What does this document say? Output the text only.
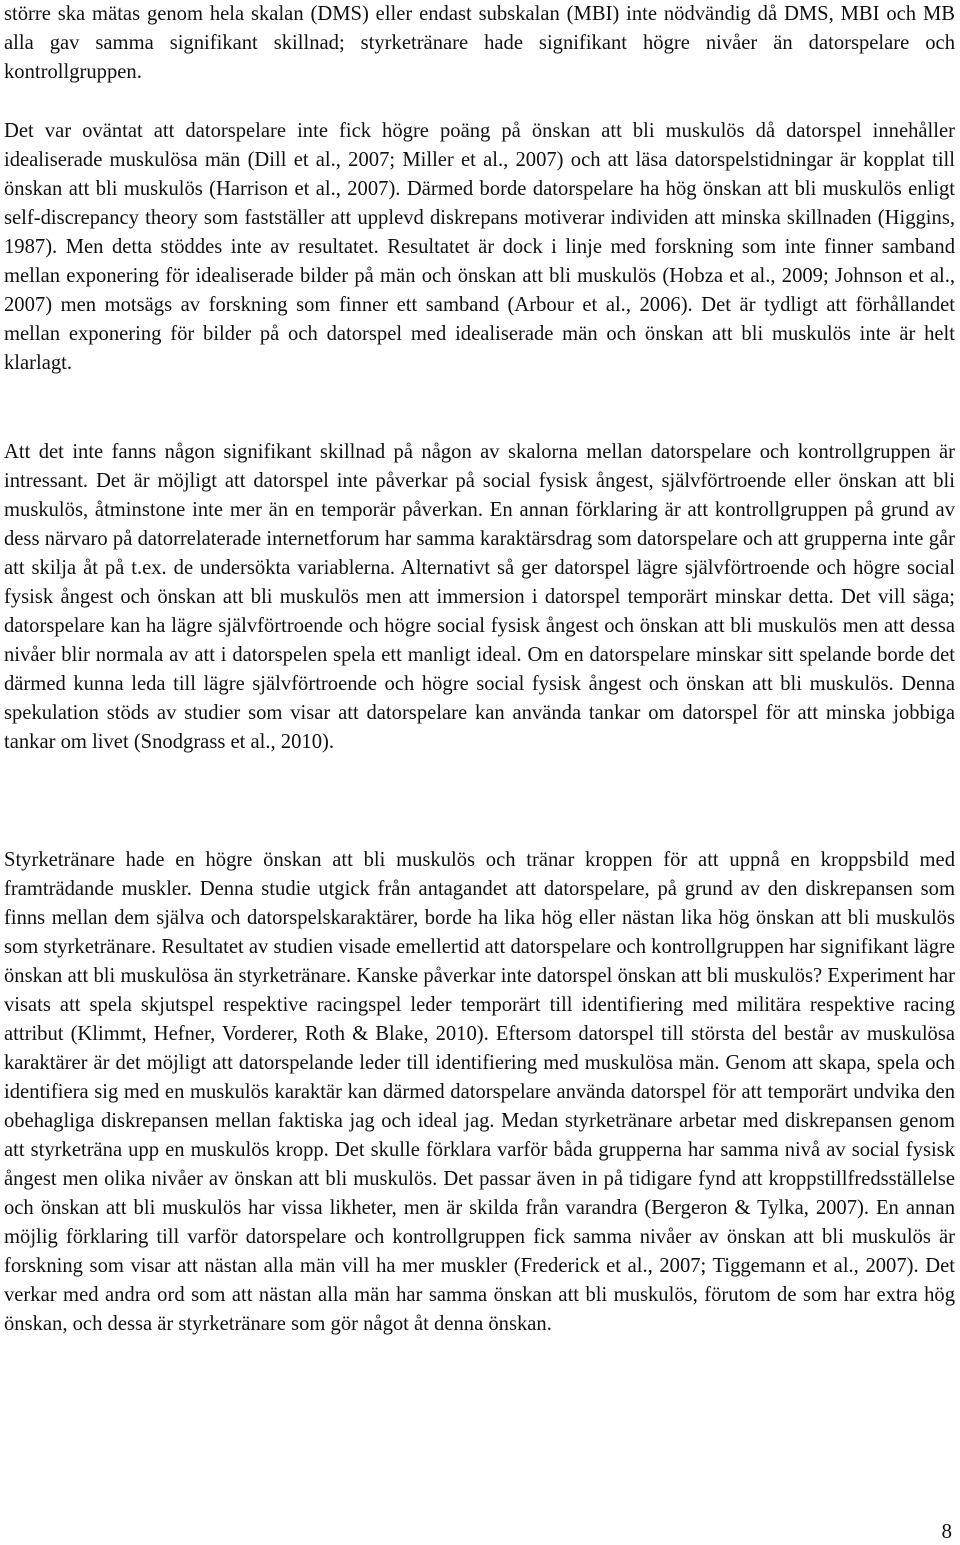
större ska mätas genom hela skalan (DMS) eller endast subskalan (MBI) inte nödvändig då DMS, MBI och MB alla gav samma signifikant skillnad; styrketränare hade signifikant högre nivåer än datorspelare och kontrollgruppen.

Det var oväntat att datorspelare inte fick högre poäng på önskan att bli muskulös då datorspel innehåller idealiserade muskulösa män (Dill et al., 2007; Miller et al., 2007) och att läsa datorspelstidningar är kopplat till önskan att bli muskulös (Harrison et al., 2007). Därmed borde datorspelare ha hög önskan att bli muskulös enligt self-discrepancy theory som fastställer att upplevd diskrepans motiverar individen att minska skillnaden (Higgins, 1987). Men detta stöddes inte av resultatet. Resultatet är dock i linje med forskning som inte finner samband mellan exponering för idealiserade bilder på män och önskan att bli muskulös (Hobza et al., 2009; Johnson et al., 2007) men motsägs av forskning som finner ett samband (Arbour et al., 2006). Det är tydligt att förhållandet mellan exponering för bilder på och datorspel med idealiserade män och önskan att bli muskulös inte är helt klarlagt.

Att det inte fanns någon signifikant skillnad på någon av skalorna mellan datorspelare och kontrollgruppen är intressant. Det är möjligt att datorspel inte påverkar på social fysisk ångest, självförtroende eller önskan att bli muskulös, åtminstone inte mer än en temporär påverkan. En annan förklaring är att kontrollgruppen på grund av dess närvaro på datorrelaterade internetforum har samma karaktärsdrag som datorspelare och att grupperna inte går att skilja åt på t.ex. de undersökta variablerna. Alternativt så ger datorspel lägre självförtroende och högre social fysisk ångest och önskan att bli muskulös men att immersion i datorspel temporärt minskar detta. Det vill säga; datorspelare kan ha lägre självförtroende och högre social fysisk ångest och önskan att bli muskulös men att dessa nivåer blir normala av att i datorspelen spela ett manligt ideal. Om en datorspelare minskar sitt spelande borde det därmed kunna leda till lägre självförtroende och högre social fysisk ångest och önskan att bli muskulös. Denna spekulation stöds av studier som visar att datorspelare kan använda tankar om datorspel för att minska jobbiga tankar om livet (Snodgrass et al., 2010).

Styrketränare hade en högre önskan att bli muskulös och tränar kroppen för att uppnå en kroppsbild med framträdande muskler. Denna studie utgick från antagandet att datorspelare, på grund av den diskrepansen som finns mellan dem själva och datorspelskaraktärer, borde ha lika hög eller nästan lika hög önskan att bli muskulös som styrketränare. Resultatet av studien visade emellertid att datorspelare och kontrollgruppen har signifikant lägre önskan att bli muskulösa än styrketränare. Kanske påverkar inte datorspel önskan att bli muskulös? Experiment har visats att spela skjutspel respektive racingspel leder temporärt till identifiering med militära respektive racing attribut (Klimmt, Hefner, Vorderer, Roth & Blake, 2010). Eftersom datorspel till största del består av muskulösa karaktärer är det möjligt att datorspelande leder till identifiering med muskulösa män. Genom att skapa, spela och identifiera sig med en muskulös karaktär kan därmed datorspelare använda datorspel för att temporärt undvika den obehagliga diskrepansen mellan faktiska jag och ideal jag. Medan styrketränare arbetar med diskrepansen genom att styrketräna upp en muskulös kropp. Det skulle förklara varför båda grupperna har samma nivå av social fysisk ångest men olika nivåer av önskan att bli muskulös. Det passar även in på tidigare fynd att kroppstillfredsställelse och önskan att bli muskulös har vissa likheter, men är skilda från varandra (Bergeron & Tylka, 2007). En annan möjlig förklaring till varför datorspelare och kontrollgruppen fick samma nivåer av önskan att bli muskulös är forskning som visar att nästan alla män vill ha mer muskler (Frederick et al., 2007; Tiggemann et al., 2007). Det verkar med andra ord som att nästan alla män har samma önskan att bli muskulös, förutom de som har extra hög önskan, och dessa är styrketränare som gör något åt denna önskan.

8
